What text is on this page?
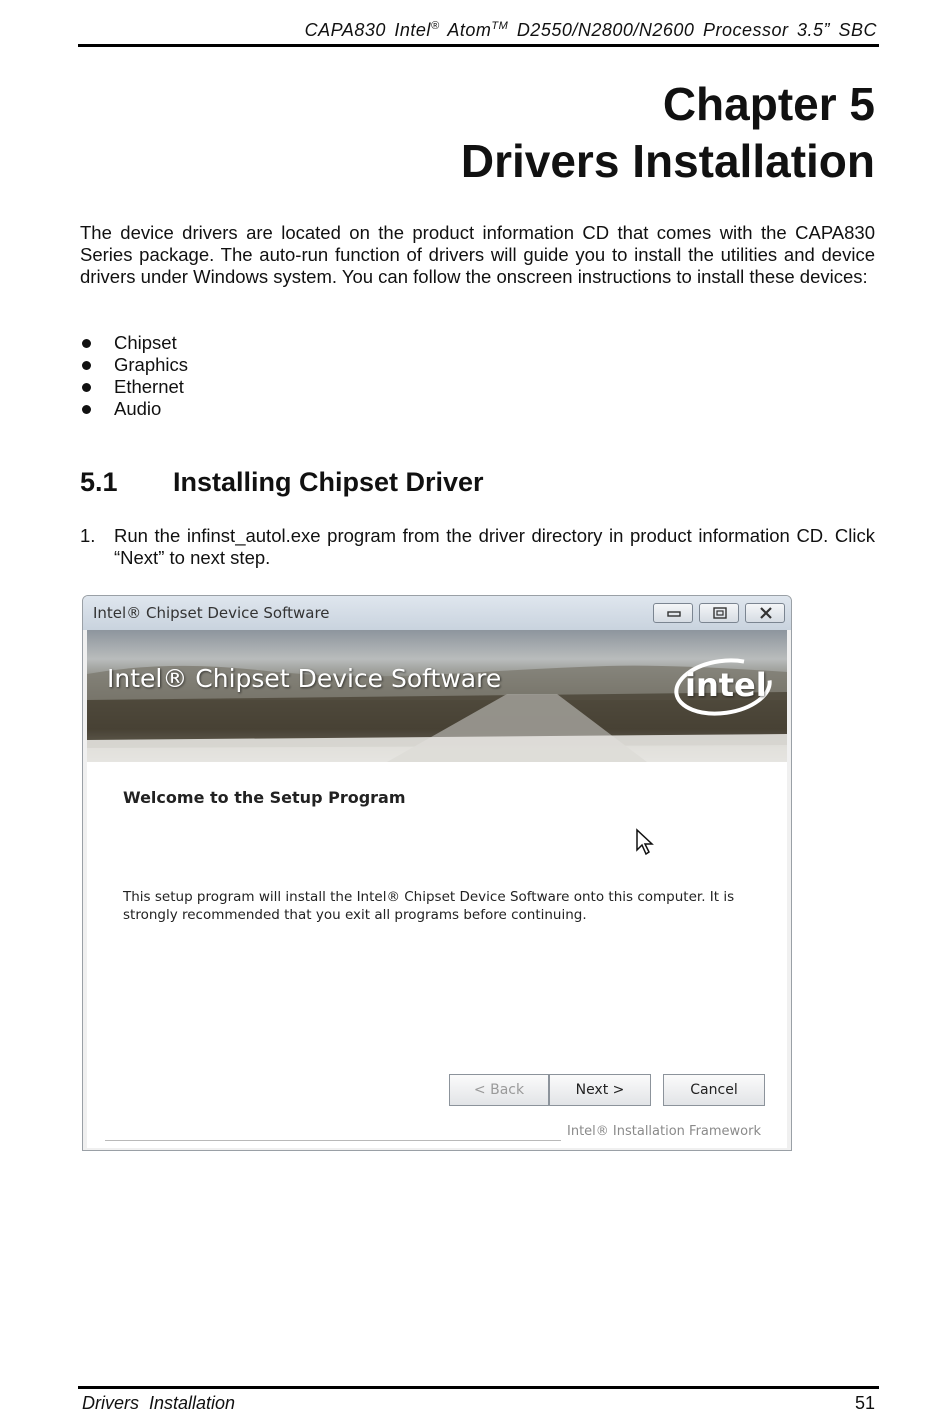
CAPA830 Intel® Atom™ D2550/N2800/N2600 Processor 3.5” SBC
Chapter 5
Drivers Installation

The device drivers are located on the product information CD that comes with the CAPA830 Series package. The auto-run function of drivers will guide you to install the utilities and device drivers under Windows system. You can follow the onscreen instructions to install these devices:

Chipset
Graphics
Ethernet
Audio
5.1 Installing Chipset Driver
1. Run the infinst_autol.exe program from the driver directory in product information CD. Click “Next” to next step.
Intel® Chipset Device Software
Intel® Chipset Device Software	intel
Welcome to the Setup Program

This setup program will install the Intel® Chipset Device Software onto this computer. It is strongly recommended that you exit all programs before continuing.

< Back	Next >	Cancel
Intel® Installation Framework
Drivers  Installation	51
